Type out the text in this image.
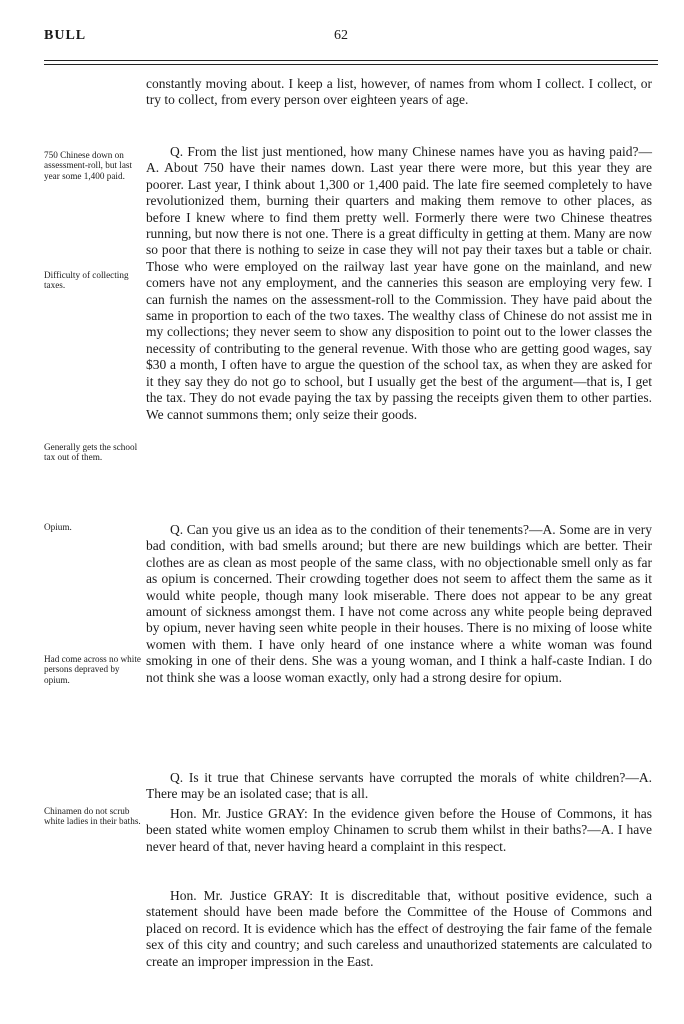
BULL	62

constantly moving about. I keep a list, however, of names from whom I collect. I collect, or try to collect, from every person over eighteen years of age.

Q. From the list just mentioned, how many Chinese names have you as having paid?—A. About 750 have their names down. Last year there were more, but this year they are poorer. Last year, I think about 1,300 or 1,400 paid. The late fire seemed completely to have revolutionized them, burning their quarters and making them remove to other places, as before I knew where to find them pretty well. Formerly there were two Chinese theatres running, but now there is not one. There is a great difficulty in getting at them. Many are now so poor that there is nothing to seize in case they will not pay their taxes but a table or chair. Those who were employed on the railway last year have gone on the mainland, and new comers have not any employment, and the canneries this season are employing very few. I can furnish the names on the assessment-roll to the Commission. They have paid about the same in proportion to each of the two taxes. The wealthy class of Chinese do not assist me in my collections; they never seem to show any disposition to point out to the lower classes the necessity of contributing to the general revenue. With those who are getting good wages, say $30 a month, I often have to argue the question of the school tax, as when they are asked for it they say they do not go to school, but I usually get the best of the argument—that is, I get the tax. They do not evade paying the tax by passing the receipts given them to other parties. We cannot summons them; only seize their goods.

Q. Can you give us an idea as to the condition of their tenements?—A. Some are in very bad condition, with bad smells around; but there are new buildings which are better. Their clothes are as clean as most people of the same class, with no objectionable smell only as far as opium is concerned. Their crowding together does not seem to affect them the same as it would white people, though many look miserable. There does not appear to be any great amount of sickness amongst them. I have not come across any white people being depraved by opium, never having seen white people in their houses. There is no mixing of loose white women with them. I have only heard of one instance where a white woman was found smoking in one of their dens. She was a young woman, and I think a half-caste Indian. I do not think she was a loose woman exactly, only had a strong desire for opium.

Q. Is it true that Chinese servants have corrupted the morals of white children?—A. There may be an isolated case; that is all.

Hon. Mr. Justice GRAY: In the evidence given before the House of Commons, it has been stated white women employ Chinamen to scrub them whilst in their baths?—A. I have never heard of that, never having heard a complaint in this respect.

Hon. Mr. Justice GRAY: It is discreditable that, without positive evidence, such a statement should have been made before the Committee of the House of Commons and placed on record. It is evidence which has the effect of destroying the fair fame of the female sex of this city and country; and such careless and unauthorized statements are calculated to create an improper impression in the East.

750 Chinese down on assessment-roll, but last year some 1,400 paid.
Difficulty of collecting taxes.
Generally gets the school tax out of them.
Opium.
Had come across no white persons depraved by opium.
Chinamen do not scrub white ladies in their baths.
